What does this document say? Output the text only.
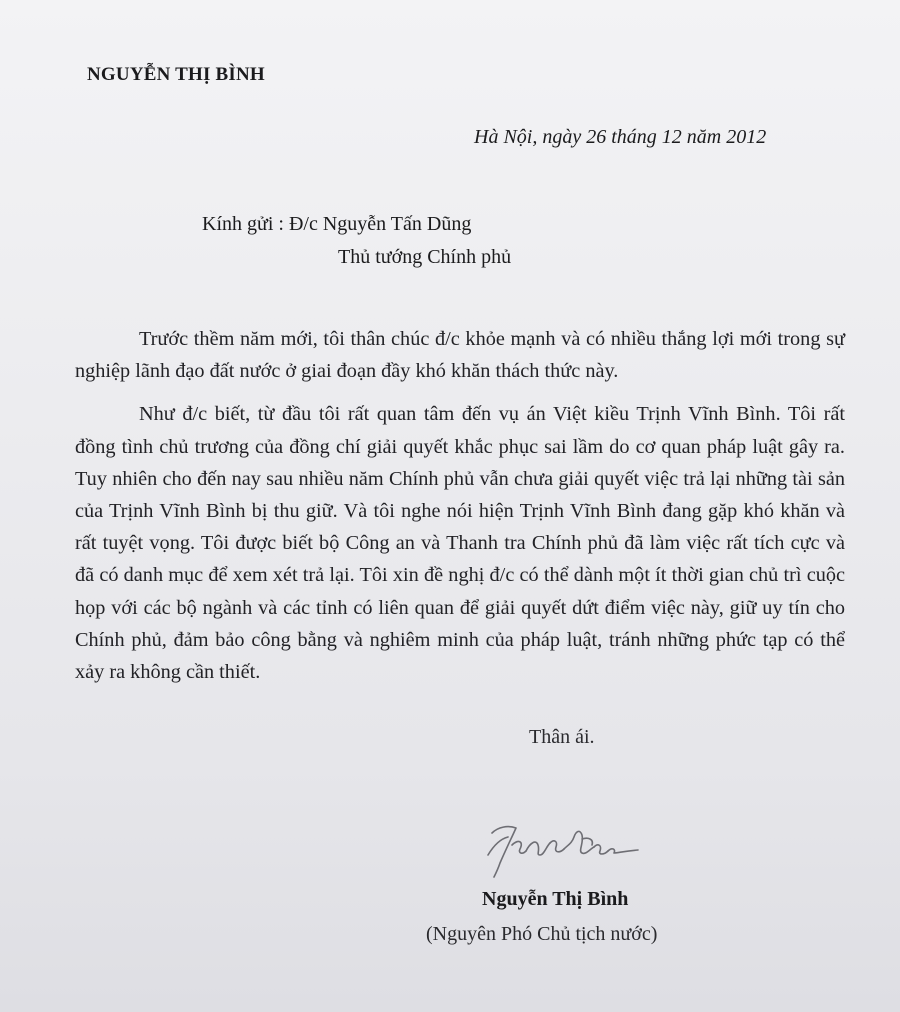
NGUYỄN THỊ BÌNH
Hà Nội, ngày 26 tháng 12 năm 2012
Kính gửi : Đ/c Nguyễn Tấn Dũng
Thủ tướng Chính phủ

Trước thềm năm mới, tôi thân chúc đ/c khỏe mạnh và có nhiều thắng lợi mới trong sự nghiệp lãnh đạo đất nước ở giai đoạn đầy khó khăn thách thức này.

Như đ/c biết, từ đầu tôi rất quan tâm đến vụ án Việt kiều Trịnh Vĩnh Bình. Tôi rất đồng tình chủ trương của đồng chí giải quyết khắc phục sai lầm do cơ quan pháp luật gây ra. Tuy nhiên cho đến nay sau nhiều năm Chính phủ vẫn chưa giải quyết việc trả lại những tài sản của Trịnh Vĩnh Bình bị thu giữ. Và tôi nghe nói hiện Trịnh Vĩnh Bình đang gặp khó khăn và rất tuyệt vọng. Tôi được biết bộ Công an và Thanh tra Chính phủ đã làm việc rất tích cực và đã có danh mục để xem xét trả lại. Tôi xin đề nghị đ/c có thể dành một ít thời gian chủ trì cuộc họp với các bộ ngành và các tỉnh có liên quan để giải quyết dứt điểm việc này, giữ uy tín cho Chính phủ, đảm bảo công bằng và nghiêm minh của pháp luật, tránh những phức tạp có thể xảy ra không cần thiết.

Thân ái.
Nguyễn Thị Bình
(Nguyên Phó Chủ tịch nước)
